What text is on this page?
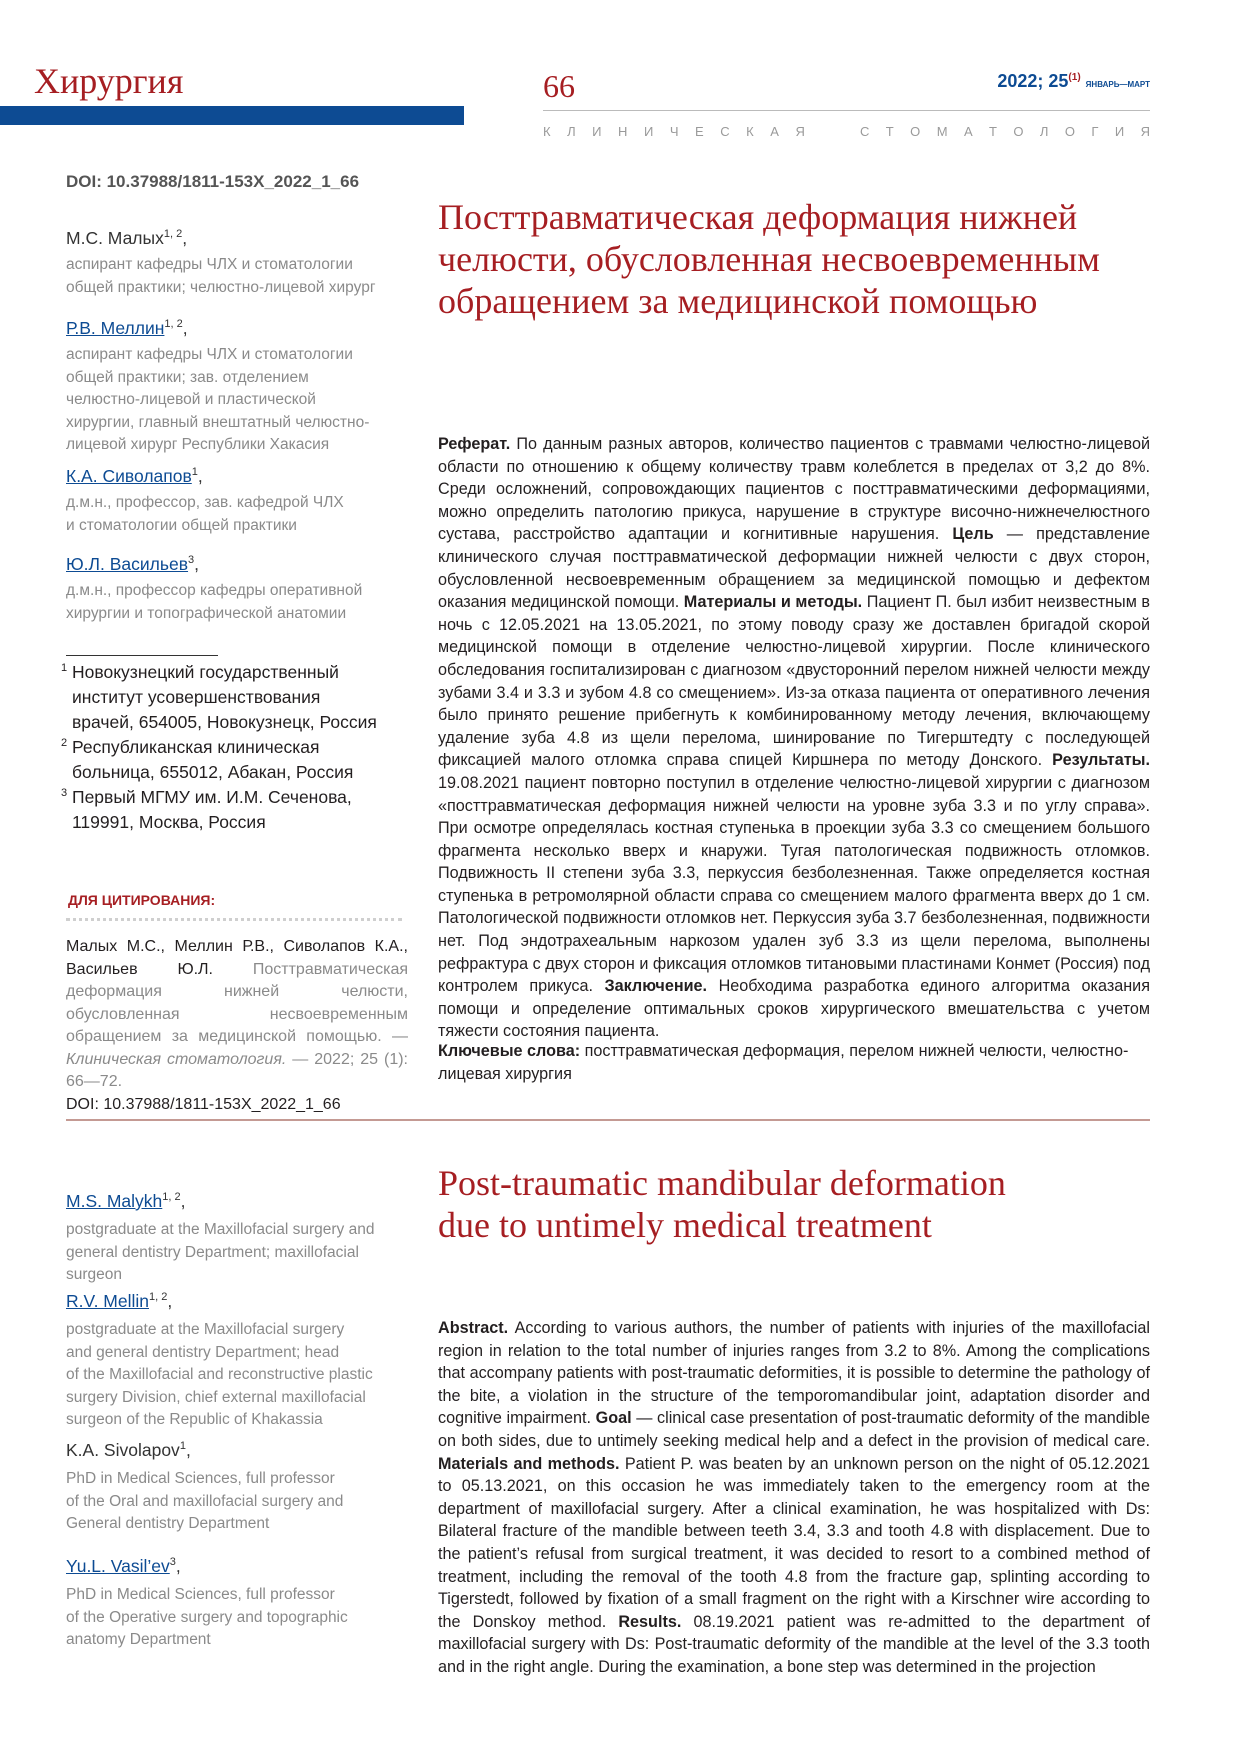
Хирургия	66	2022; 25$^{(1)}$ ЯНВАРЬ—МАРТ
К Л И Н И Ч Е С К А Я	С Т О М А Т О Л О Г И Я
DOI: 10.37988/1811-153X_2022_1_66
М.С. Малых$^{1, 2}$,
аспирант кафедры ЧЛХ и стоматологии
общей практики; челюстно-лицевой хирург
Р.В. Меллин$^{1, 2}$,
аспирант кафедры ЧЛХ и стоматологии
общей практики; зав. отделением
челюстно-лицевой и пластической
хирургии, главный внештатный челюстно-
лицевой хирург Республики Хакасия
К.А. Сиволапов$^1$,
д.м.н., профессор, зав. кафедрой ЧЛХ
и стоматологии общей практики
Ю.Л. Васильев$^3$,
д.м.н., профессор кафедры оперативной
хирургии и топографической анатомии
1 Новокузнецкий государственный
институт усовершенствования
врачей, 654005, Новокузнецк, Россия
2 Республиканская клиническая
больница, 655012, Абакан, Россия
3 Первый МГМУ им. И.М. Сеченова,
119991, Москва, Россия
ДЛЯ ЦИТИРОВАНИЯ:
Малых М.С., Меллин Р.В., Сиволапов К.А., Васильев Ю.Л. Посттравматическая деформация нижней челюсти, обусловленная несвоевременным обращением за медицинской помощью. — Клиническая стоматология. — 2022; 25 (1): 66—72.
DOI: 10.37988/1811-153X_2022_1_66
Посттравматическая деформация нижней
челюсти, обусловленная несвоевременным
обращением за медицинской помощью
Реферат. По данным разных авторов, количество пациентов с травмами челюстно-лицевой области по отношению к общему количеству травм колеблется в пределах от 3,2 до 8%. Среди осложнений, сопровождающих пациентов с посттравматическими деформациями, можно определить патологию прикуса, нарушение в структуре височно-нижнечелюстного сустава, расстройство адаптации и когнитивные нарушения. Цель — представление клинического случая посттравматической деформации нижней челюсти с двух сторон, обусловленной несвоевременным обращением за медицинской помощью и дефектом оказания медицинской помощи. Материалы и методы. Пациент П. был избит неизвестным в ночь с 12.05.2021 на 13.05.2021, по этому поводу сразу же доставлен бригадой скорой медицинской помощи в отделение челюстно-лицевой хирургии. После клинического обследования госпитализирован с диагнозом «двусторонний перелом нижней челюсти между зубами 3.4 и 3.3 и зубом 4.8 со смещением». Из-за отказа пациента от оперативного лечения было принято решение прибегнуть к комбинированному методу лечения, включающему удаление зуба 4.8 из щели перелома, шинирование по Тигерштедту с последующей фиксацией малого отломка справа спицей Киршнера по методу Донского. Результаты. 19.08.2021 пациент повторно поступил в отделение челюстно-лицевой хирургии с диагнозом «посттравматическая деформация нижней челюсти на уровне зуба 3.3 и по углу справа». При осмотре определялась костная ступенька в проекции зуба 3.3 со смещением большого фрагмента несколько вверх и кнаружи. Тугая патологическая подвижность отломков. Подвижность II степени зуба 3.3, перкуссия безболезненная. Также определяется костная ступенька в ретромолярной области справа со смещением малого фрагмента вверх до 1 см. Патологической подвижности отломков нет. Перкуссия зуба 3.7 безболезненная, подвижности нет. Под эндотрахеальным наркозом удален зуб 3.3 из щели перелома, выполнены рефрактура с двух сторон и фиксация отломков титановыми пластинами Конмет (Россия) под контролем прикуса. Заключение. Необходима разработка единого алгоритма оказания помощи и определение оптимальных сроков хирургического вмешательства с учетом тяжести состояния пациента.
Ключевые слова: посттравматическая деформация, перелом нижней челюсти, челюстно-лицевая хирургия
M.S. Malykh$^{1, 2}$,
postgraduate at the Maxillofacial surgery and
general dentistry Department; maxillofacial
surgeon
R.V. Mellin$^{1, 2}$,
postgraduate at the Maxillofacial surgery
and general dentistry Department; head
of the Maxillofacial and reconstructive plastic
surgery Division, chief external maxillofacial
surgeon of the Republic of Khakassia
K.A. Sivolapov$^1$,
PhD in Medical Sciences, full professor
of the Oral and maxillofacial surgery and
General dentistry Department
Yu.L. $Vasil’ev^3$,
PhD in Medical Sciences, full professor
of the Operative surgery and topographic
anatomy Department
Post-traumatic mandibular deformation
due to untimely medical treatment
Abstract. According to various authors, the number of patients with injuries of the maxillofacial region in relation to the total number of injuries ranges from 3.2 to 8%. Among the complications that accompany patients with post-traumatic deformities, it is possible to determine the pathology of the bite, a violation in the structure of the temporomandibular joint, adaptation disorder and cognitive impairment. Goal — clinical case presentation of post-traumatic deformity of the mandible on both sides, due to untimely seeking medical help and a defect in the provision of medical care. Materials and methods. Patient P. was beaten by an unknown person on the night of 05.12.2021 to 05.13.2021, on this occasion he was immediately taken to the emergency room at the department of maxillofacial surgery. After a clinical examination, he was hospitalized with Ds: Bilateral fracture of the mandible between teeth 3.4, 3.3 and tooth 4.8 with displacement. Due to the patient’s refusal from surgical treatment, it was decided to resort to a combined method of treatment, including the removal of the tooth 4.8 from the fracture gap, splinting according to Tigerstedt, followed by fixation of a small fragment on the right with a Kirschner wire according to the Donskoy method. Results. 08.19.2021 patient was re-admitted to the department of maxillofacial surgery with Ds: Post-traumatic deformity of the mandible at the level of the 3.3 tooth and in the right angle. During the examination, a bone step was determined in the projection
